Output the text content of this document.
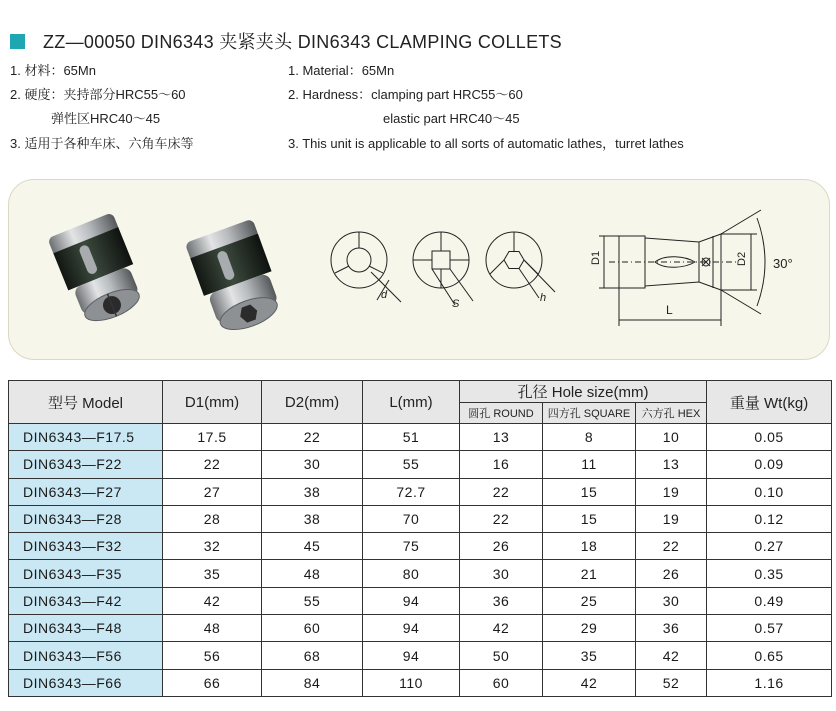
ZZ—00050 DIN6343 夹紧夹头 DIN6343 CLAMPING COLLETS
1. 材料：65Mn
2. 硬度：夹持部分HRC55～60
弹性区HRC40～45
3. 适用于各种车床、六角车床等
1. Material：65Mn
2. Hardness：clamping part HRC55～60
elastic part HRC40～45
3. This unit is applicable to all sorts of automatic lathes，turret lathes
d
S	h
D1	D2
L
30°
型号 Model	D1(mm)	D2(mm)	L(mm)	孔径 Hole size(mm)			重量 Wt(kg)
				圆孔 ROUND	四方孔 SQUARE	六方孔 HEX	
DIN6343—F17.5	17.5	22	51	13	8	10	0.05
DIN6343—F22	22	30	55	16	11	13	0.09
DIN6343—F27	27	38	72.7	22	15	19	0.10
DIN6343—F28	28	38	70	22	15	19	0.12
DIN6343—F32	32	45	75	26	18	22	0.27
DIN6343—F35	35	48	80	30	21	26	0.35
DIN6343—F42	42	55	94	36	25	30	0.49
DIN6343—F48	48	60	94	42	29	36	0.57
DIN6343—F56	56	68	94	50	35	42	0.65
DIN6343—F66	66	84	110	60	42	52	1.16
